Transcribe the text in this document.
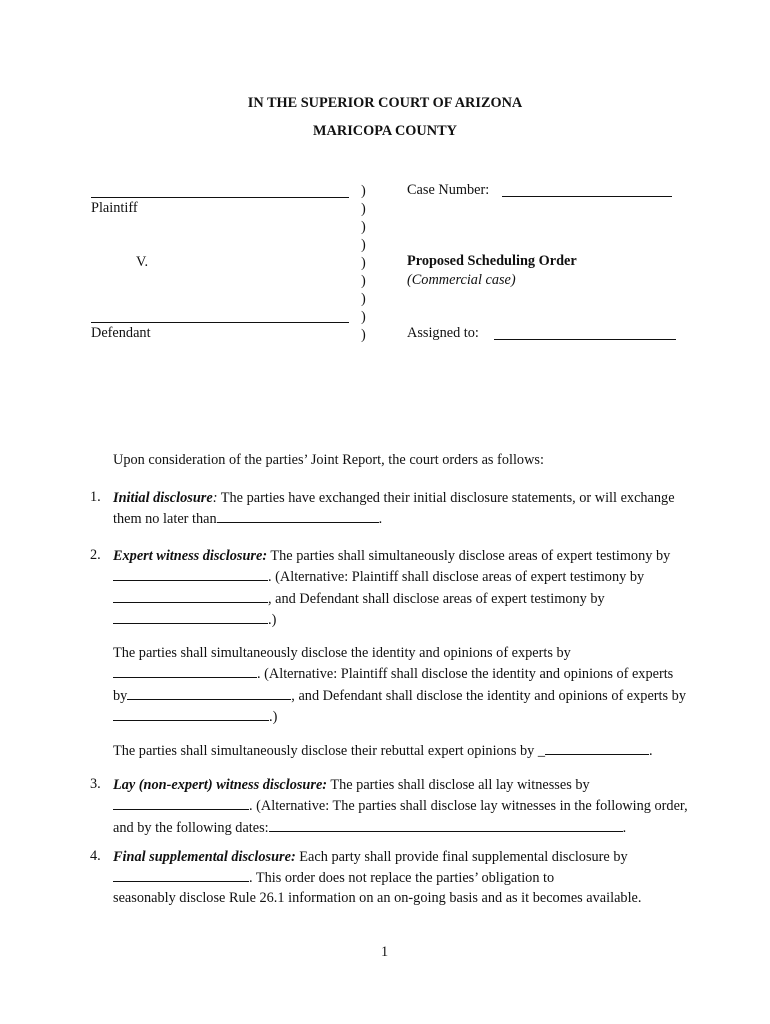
IN THE SUPERIOR COURT OF ARIZONA
MARICOPA COUNTY
Plaintiff
V.
Defendant
)
)
)
)
)
)
)
)
)
Case Number:
Proposed Scheduling Order
(Commercial case)
Assigned to:
Upon consideration of the parties’ Joint Report, the court orders as follows:
1. Initial disclosure: The parties have exchanged their initial disclosure statements, or will exchange them no later than	.
2. Expert witness disclosure: The parties shall simultaneously disclose areas of expert testimony by. (Alternative: Plaintiff shall disclose areas of expert testimony by, and Defendant shall disclose areas of expert testimony by.)
The parties shall simultaneously disclose the identity and opinions of experts by . (Alternative: Plaintiff shall disclose the identity and opinions of experts by	, and Defendant shall disclose the identity and opinions of experts by.)
The parties shall simultaneously disclose their rebuttal expert opinions by _	.
3. Lay (non-expert) witness disclosure: The parties shall disclose all lay witnesses by . (Alternative: The parties shall disclose lay witnesses in the following order, and by the following dates:	.
4. Final supplemental disclosure: Each party shall provide final supplemental disclosure by . This order does not replace the parties’ obligation to
seasonably disclose Rule 26.1 information on an on-going basis and as it becomes available.
1
